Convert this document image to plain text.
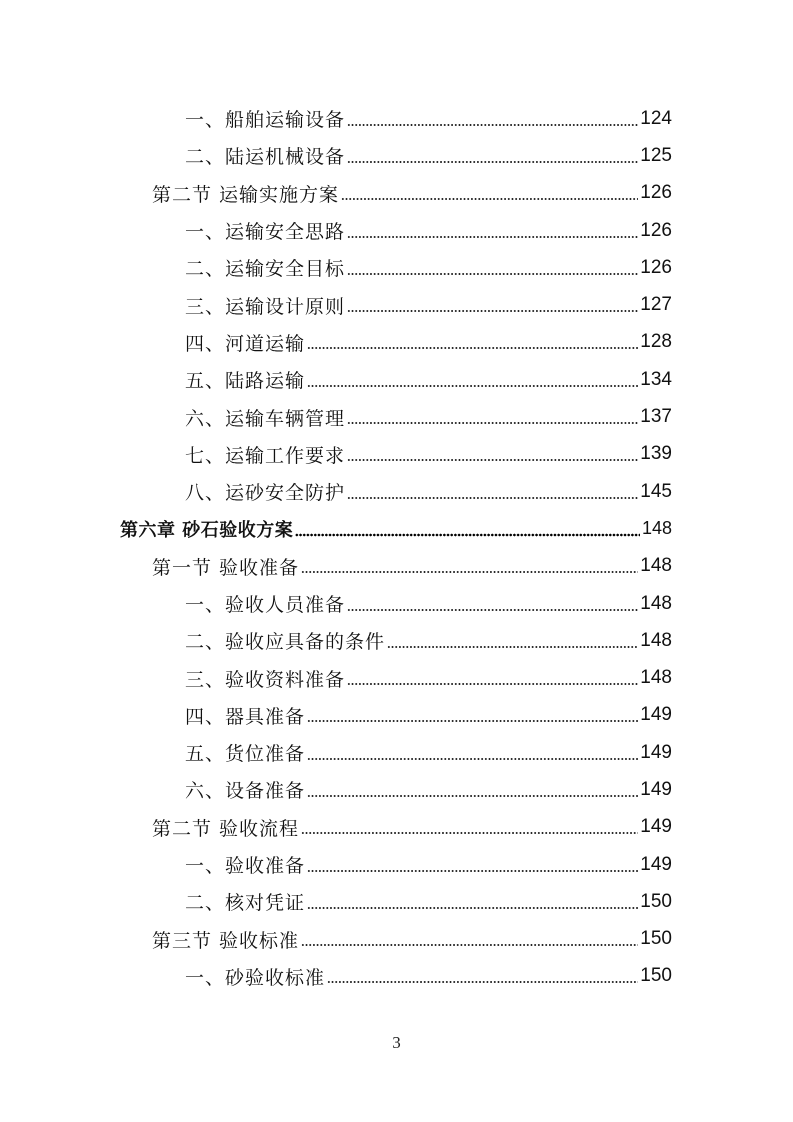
一、船舶运输设备	124
二、陆运机械设备	125
第二节 运输实施方案	126
一、运输安全思路	126
二、运输安全目标	126
三、运输设计原则	127
四、河道运输	128
五、陆路运输	134
六、运输车辆管理	137
七、运输工作要求	139
八、运砂安全防护	145
第六章 砂石验收方案	148
第一节 验收准备	148
一、验收人员准备	148
二、验收应具备的条件	148
三、验收资料准备	148
四、器具准备	149
五、货位准备	149
六、设备准备	149
第二节 验收流程	149
一、验收准备	149
二、核对凭证	150
第三节 验收标准	150
一、砂验收标准	150
3
